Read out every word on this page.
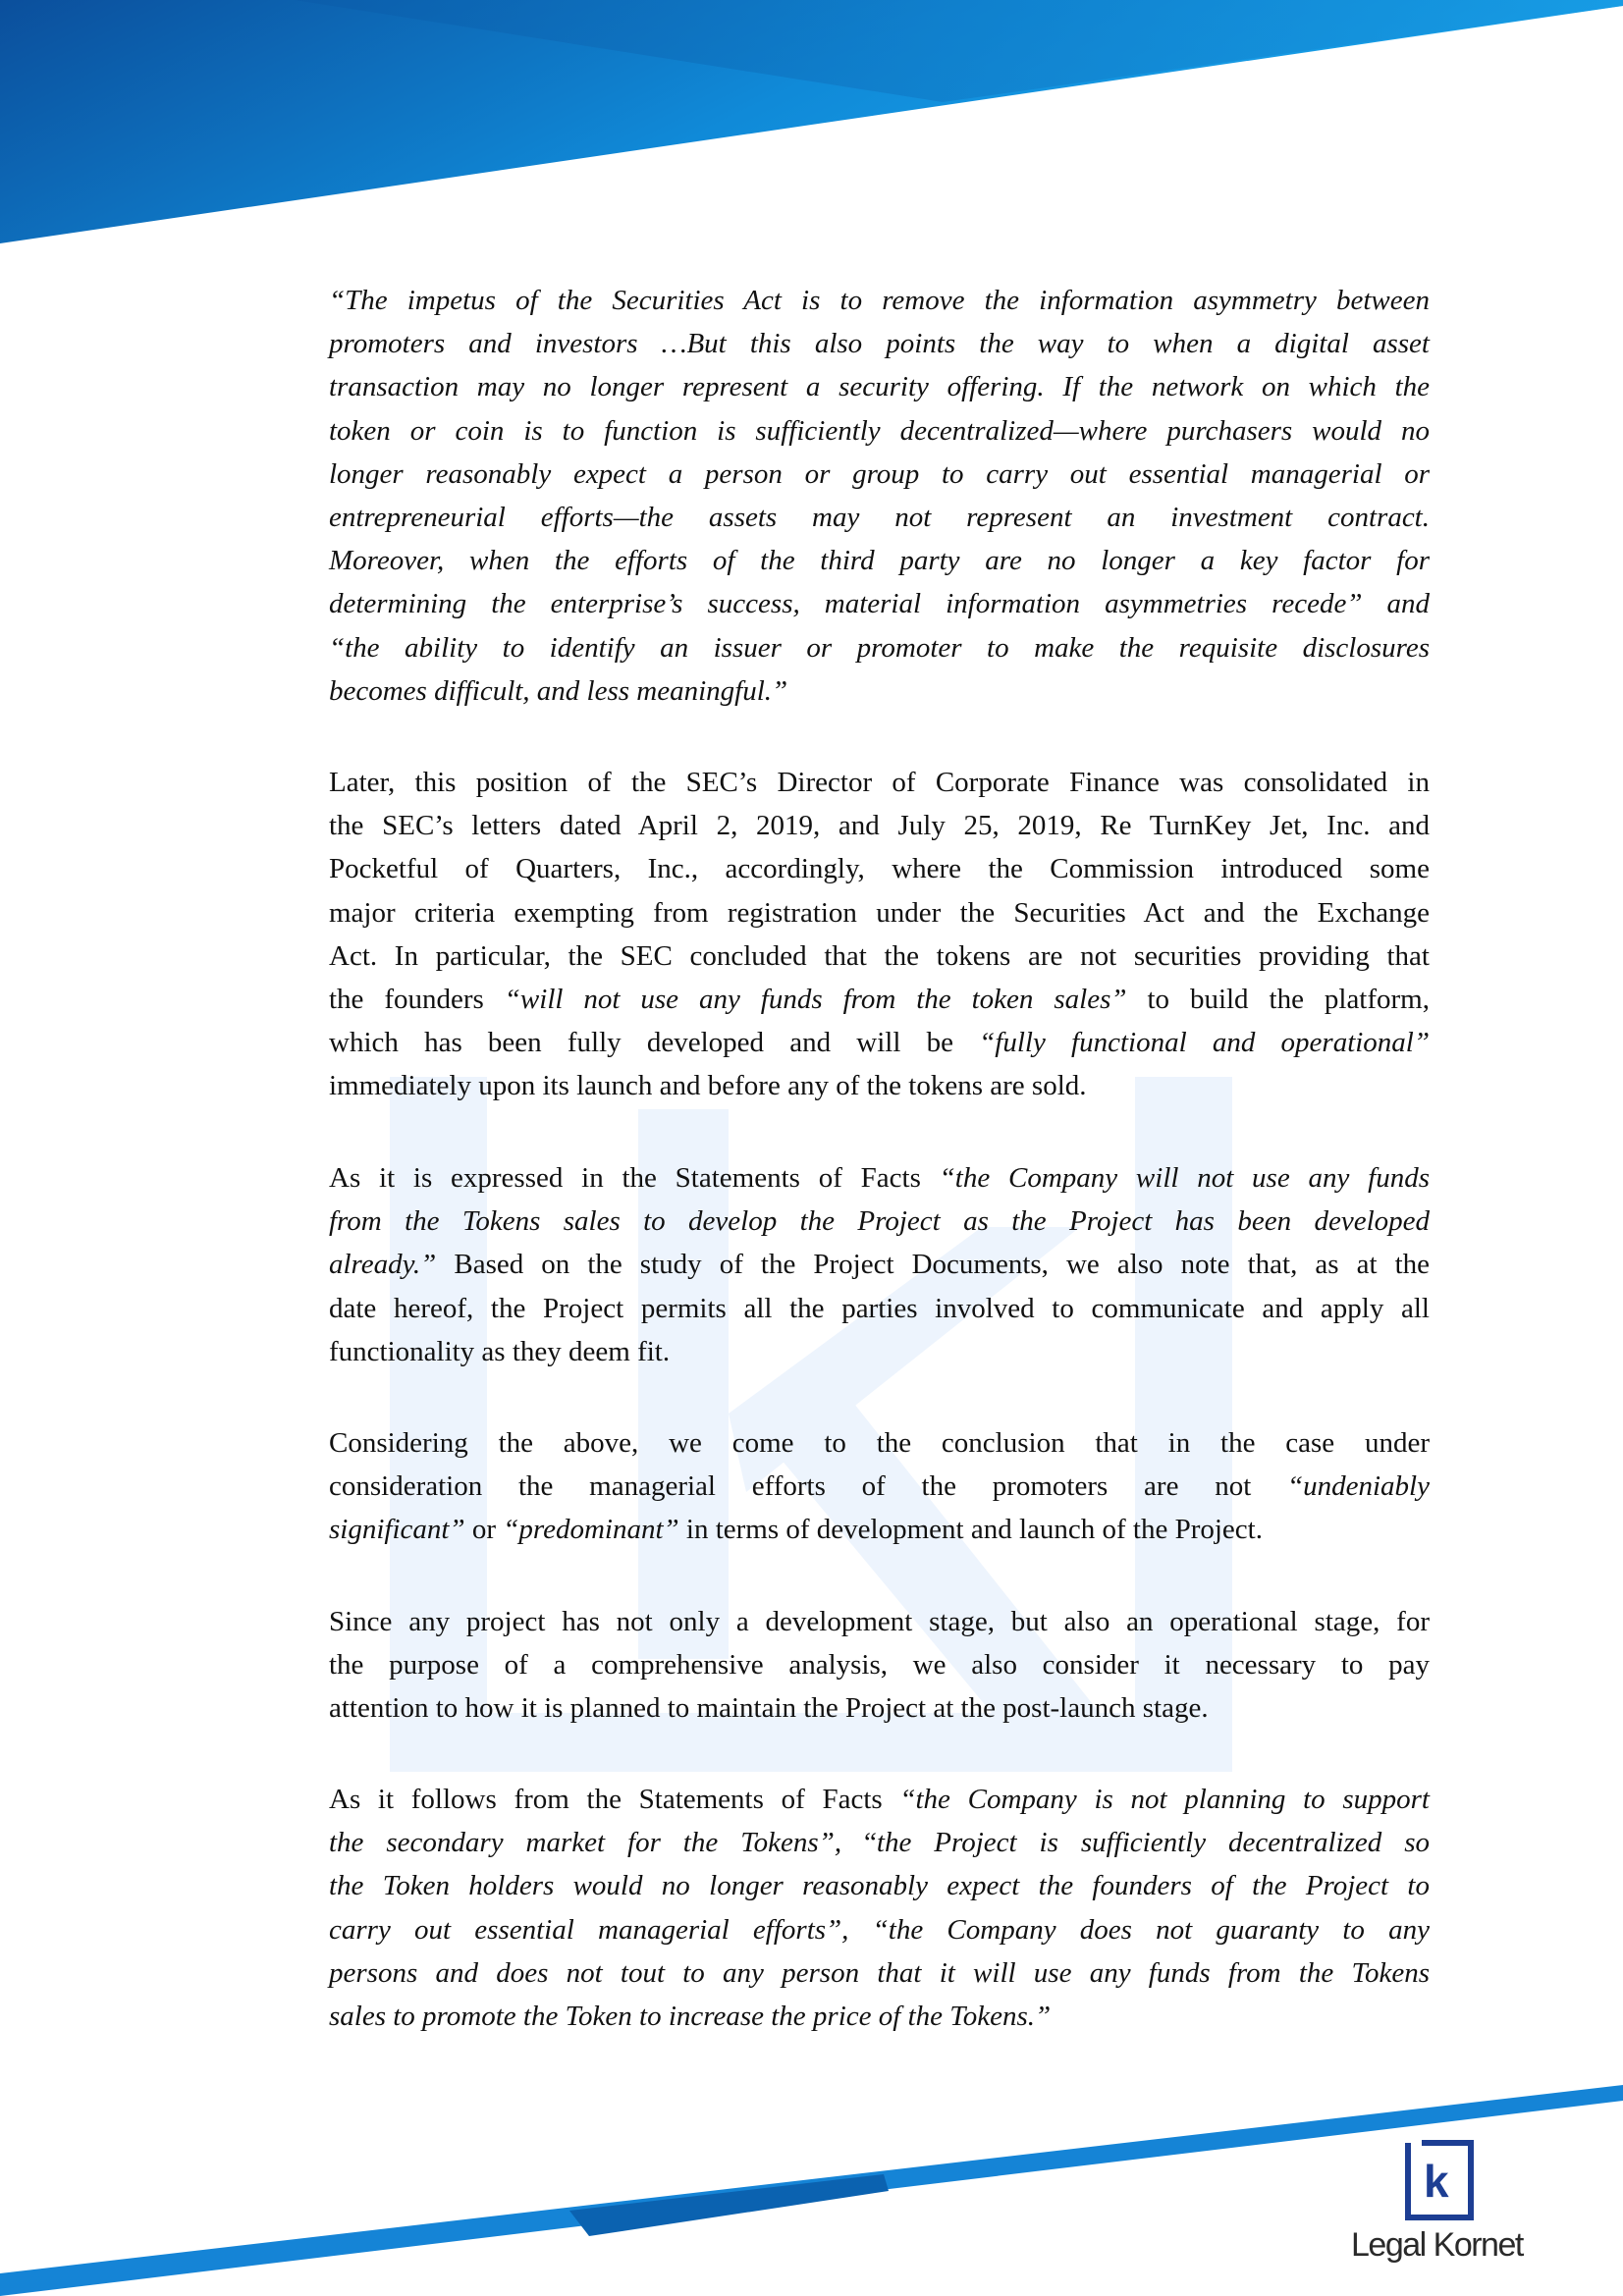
k
Legal Kornet
“The impetus of the Securities Act is to remove the information asymmetry between
promoters and investors …But this also points the way to when a digital asset
transaction may no longer represent a security offering. If the network on which the
token or coin is to function is sufficiently decentralized—where purchasers would no
longer reasonably expect a person or group to carry out essential managerial or
entrepreneurial efforts—the assets may not represent an investment contract.
Moreover, when the efforts of the third party are no longer a key factor for
determining the enterprise’s success, material information asymmetries recede” and
“the ability to identify an issuer or promoter to make the requisite disclosures
becomes difficult, and less meaningful.”
Later, this position of the SEC’s Director of Corporate Finance was consolidated in
the SEC’s letters dated April 2, 2019, and July 25, 2019, Re TurnKey Jet, Inc. and
Pocketful of Quarters, Inc., accordingly, where the Commission introduced some
major criteria exempting from registration under the Securities Act and the Exchange
Act. In particular, the SEC concluded that the tokens are not securities providing that
the founders “will not use any funds from the token sales” to build the platform,
which has been fully developed and will be “fully functional and operational”
immediately upon its launch and before any of the tokens are sold.
As it is expressed in the Statements of Facts “the Company will not use any funds
from the Tokens sales to develop the Project as the Project has been developed
already.” Based on the study of the Project Documents, we also note that, as at the
date hereof, the Project permits all the parties involved to communicate and apply all
functionality as they deem fit.
Considering the above, we come to the conclusion that in the case under
consideration the managerial efforts of the promoters are not “undeniably
significant” or “predominant” in terms of development and launch of the Project.
Since any project has not only a development stage, but also an operational stage, for
the purpose of a comprehensive analysis, we also consider it necessary to pay
attention to how it is planned to maintain the Project at the post-launch stage.
As it follows from the Statements of Facts “the Company is not planning to support
the secondary market for the Tokens”, “the Project is sufficiently decentralized so
the Token holders would no longer reasonably expect the founders of the Project to
carry out essential managerial efforts”, “the Company does not guaranty to any
persons and does not tout to any person that it will use any funds from the Tokens
sales to promote the Token to increase the price of the Tokens.”
